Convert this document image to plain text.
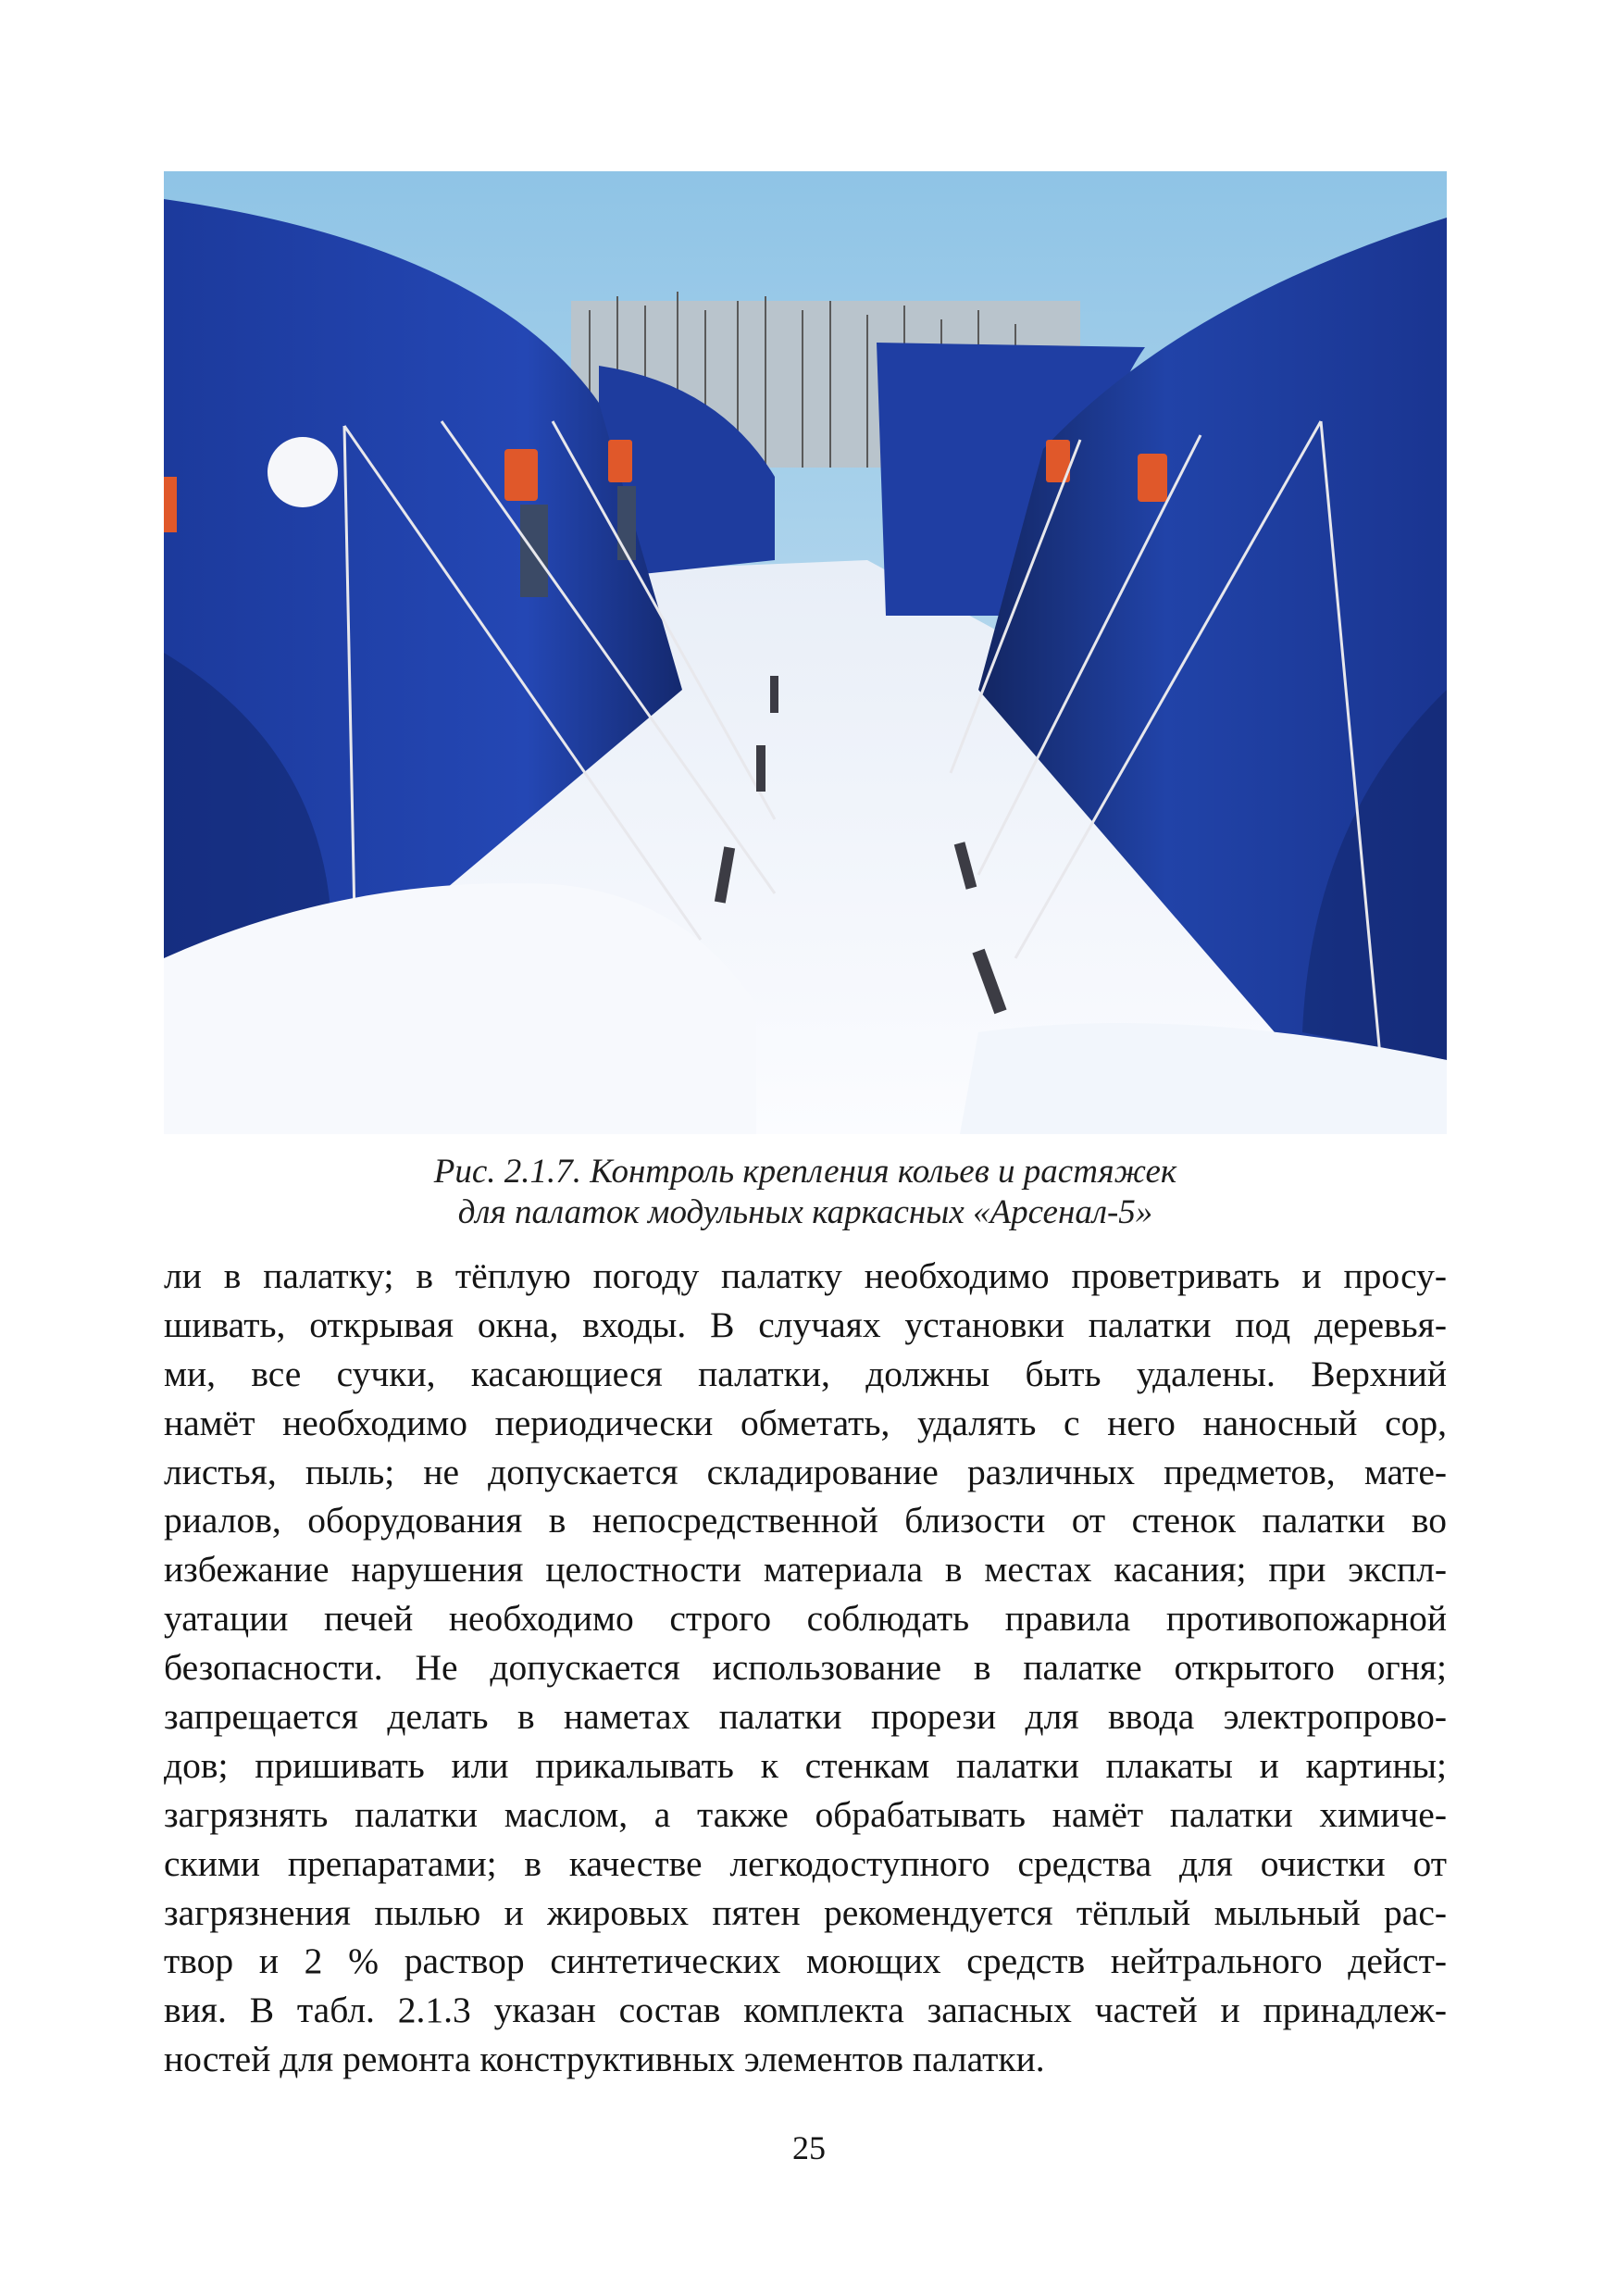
Рис. 2.1.7. Контроль крепления кольев и растяжек
для палаток модульных каркасных «Арсенал-5»
ли в палатку; в тёплую погоду палатку необходимо проветривать и просу-
шивать, открывая окна, входы. В случаях установки палатки под деревья-
ми, все сучки, касающиеся палатки, должны быть удалены. Верхний
намёт необходимо периодически обметать, удалять с него наносный сор,
листья, пыль; не допускается складирование различных предметов, мате-
риалов, оборудования в непосредственной близости от стенок палатки во
избежание нарушения целостности материала в местах касания; при экспл-
уатации печей необходимо строго соблюдать правила противопожарной
безопасности. Не допускается использование в палатке открытого огня;
запрещается делать в наметах палатки прорези для ввода электропрово-
дов; пришивать или прикалывать к стенкам палатки плакаты и картины;
загрязнять палатки маслом, а также обрабатывать намёт палатки химиче-
скими препаратами; в качестве легкодоступного средства для очистки от
загрязнения пылью и жировых пятен рекомендуется тёплый мыльный рас-
твор и 2 % раствор синтетических моющих средств нейтрального дейст-
вия. В табл. 2.1.3 указан состав комплекта запасных частей и принадлеж-
ностей для ремонта конструктивных элементов палатки.
25
